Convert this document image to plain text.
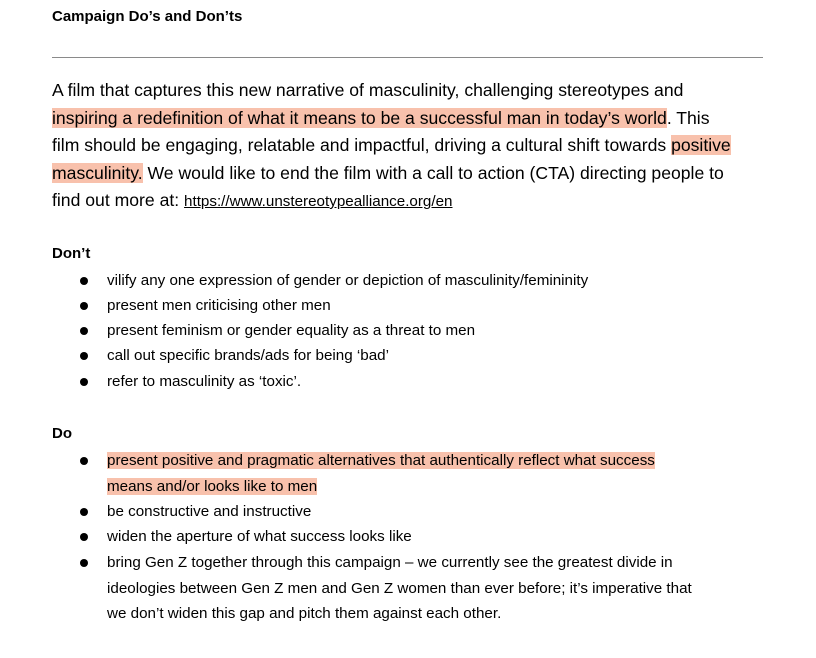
Campaign Do’s and Don’ts
A film that captures this new narrative of masculinity, challenging stereotypes and
inspiring a redefinition of what it means to be a successful man in today’s world. This
film should be engaging, relatable and impactful, driving a cultural shift towards positive
masculinity. We would like to end the film with a call to action (CTA) directing people to
find out more at: https://www.unstereotypealliance.org/en
Don’t
vilify any one expression of gender or depiction of masculinity/femininity
present men criticising other men
present feminism or gender equality as a threat to men
call out specific brands/ads for being ‘bad’
refer to masculinity as ‘toxic’.
Do
present positive and pragmatic alternatives that authentically reflect what success
means and/or looks like to men
be constructive and instructive
widen the aperture of what success looks like
bring Gen Z together through this campaign – we currently see the greatest divide in
ideologies between Gen Z men and Gen Z women than ever before; it’s imperative that
we don’t widen this gap and pitch them against each other.
